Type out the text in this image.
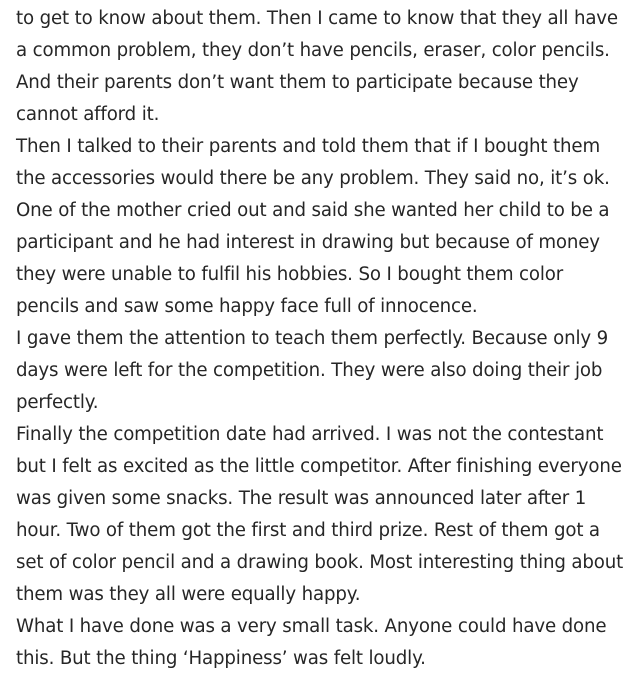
to get to know about them. Then I came to know that they all have
a common problem, they don’t have pencils, eraser, color pencils.
And their parents don’t want them to participate because they
cannot afford it.

Then I talked to their parents and told them that if I bought them
the accessories would there be any problem. They said no, it’s ok.
One of the mother cried out and said she wanted her child to be a
participant and he had interest in drawing but because of money
they were unable to fulfil his hobbies. So I bought them color
pencils and saw some happy face full of innocence.

I gave them the attention to teach them perfectly. Because only 9
days were left for the competition. They were also doing their job
perfectly.

Finally the competition date had arrived. I was not the contestant
but I felt as excited as the little competitor. After finishing everyone
was given some snacks. The result was announced later after 1
hour. Two of them got the first and third prize. Rest of them got a
set of color pencil and a drawing book. Most interesting thing about
them was they all were equally happy.

What I have done was a very small task. Anyone could have done
this. But the thing ‘Happiness’ was felt loudly.
